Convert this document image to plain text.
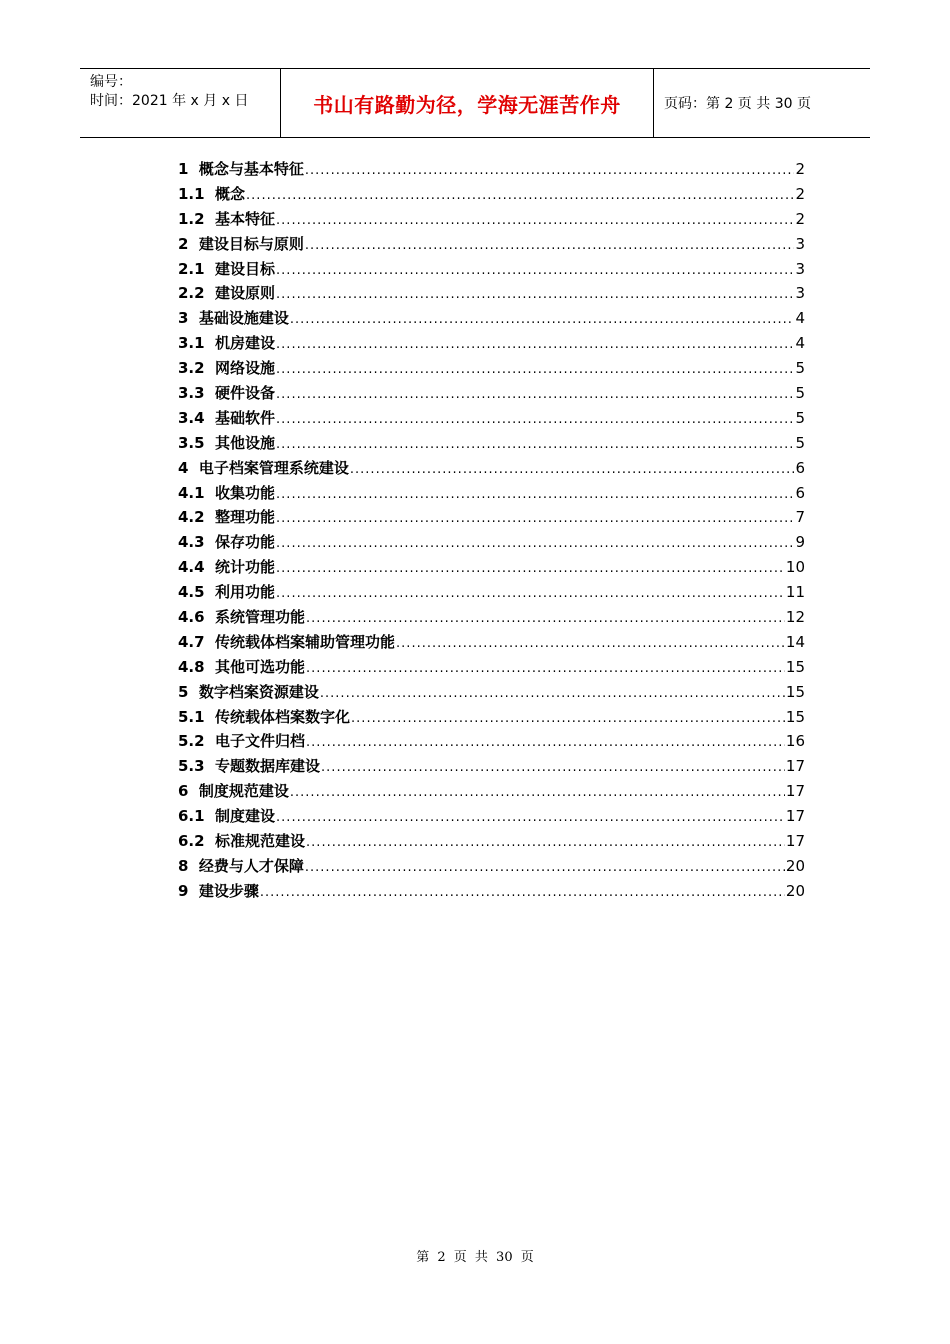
编号：
时间：2021 年 x 月 x 日	书山有路勤为径，学海无涯苦作舟	页码：第 2 页 共 30 页
1 概念与基本特征 .....	2
1.1 概念 .....	2
1.2 基本特征 .....	2
2 建设目标与原则 .....	3
2.1 建设目标 .....	3
2.2 建设原则 .....	3
3 基础设施建设 .....	4
3.1 机房建设 .....	4
3.2 网络设施 .....	5
3.3 硬件设备 .....	5
3.4 基础软件 .....	5
3.5 其他设施 .....	5
4 电子档案管理系统建设 .....	6
4.1 收集功能 .....	6
4.2 整理功能 .....	7
4.3 保存功能 .....	9
4.4 统计功能 .....	10
4.5 利用功能 .....	11
4.6 系统管理功能 .....	12
4.7 传统载体档案辅助管理功能 .....	14
4.8 其他可选功能 .....	15
5 数字档案资源建设 .....	15
5.1 传统载体档案数字化 .....	15
5.2 电子文件归档 .....	16
5.3 专题数据库建设 .....	17
6 制度规范建设 .....	17
6.1 制度建设 .....	17
6.2 标准规范建设 .....	17
8 经费与人才保障 .....	20
9 建设步骤 .....	20
第 2 页 共 30 页
